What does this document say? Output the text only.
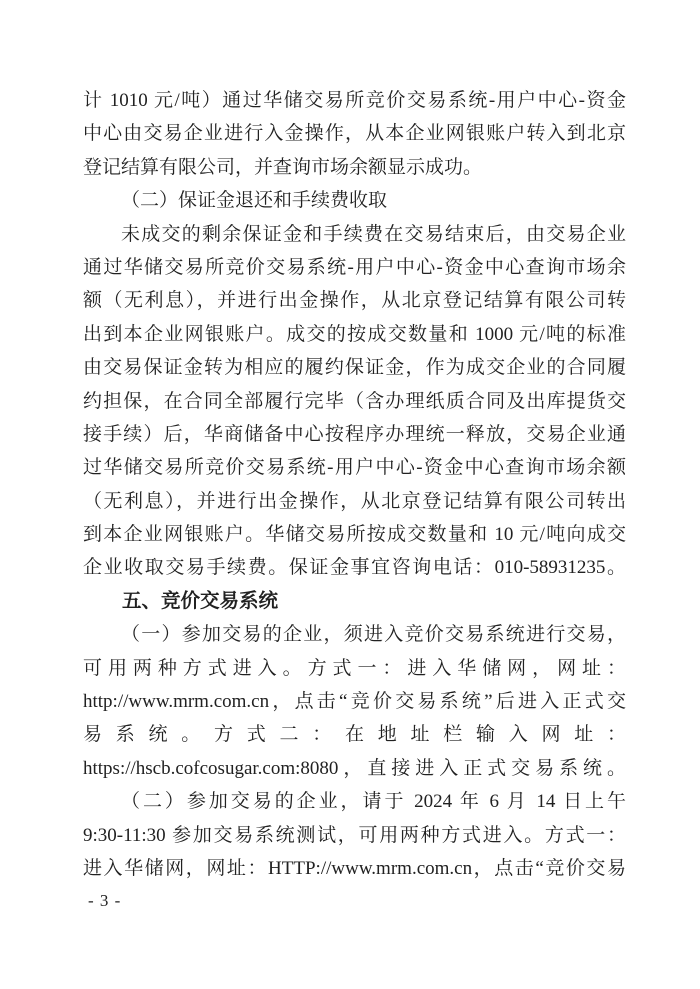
计 1010 元/吨）通过华储交易所竞价交易系统-用户中心-资金
中心由交易企业进行入金操作，从本企业网银账户转入到北京
登记结算有限公司，并查询市场余额显示成功。
（二）保证金退还和手续费收取
未成交的剩余保证金和手续费在交易结束后，由交易企业
通过华储交易所竞价交易系统-用户中心-资金中心查询市场余
额（无利息），并进行出金操作，从北京登记结算有限公司转
出到本企业网银账户。成交的按成交数量和 1000 元/吨的标准
由交易保证金转为相应的履约保证金，作为成交企业的合同履
约担保，在合同全部履行完毕（含办理纸质合同及出库提货交
接手续）后，华商储备中心按程序办理统一释放，交易企业通
过华储交易所竞价交易系统-用户中心-资金中心查询市场余额
（无利息），并进行出金操作，从北京登记结算有限公司转出
到本企业网银账户。华储交易所按成交数量和 10 元/吨向成交
企业收取交易手续费。保证金事宜咨询电话：010-58931235。
五、竞价交易系统
（一）参加交易的企业，须进入竞价交易系统进行交易，
可用两种方式进入。方式一：进入华储网，网址：
http://www.mrm.com.cn，点击“竞价交易系统”后进入正式交
易系统。方式二：在地址栏输入网址：
https://hscb.cofcosugar.com:8080，直接进入正式交易系统。
（二）参加交易的企业，请于 2024 年 6 月 14 日上午
9:30-11:30 参加交易系统测试，可用两种方式进入。方式一：
进入华储网，网址：HTTP://www.mrm.com.cn，点击“竞价交易
- 3 -
